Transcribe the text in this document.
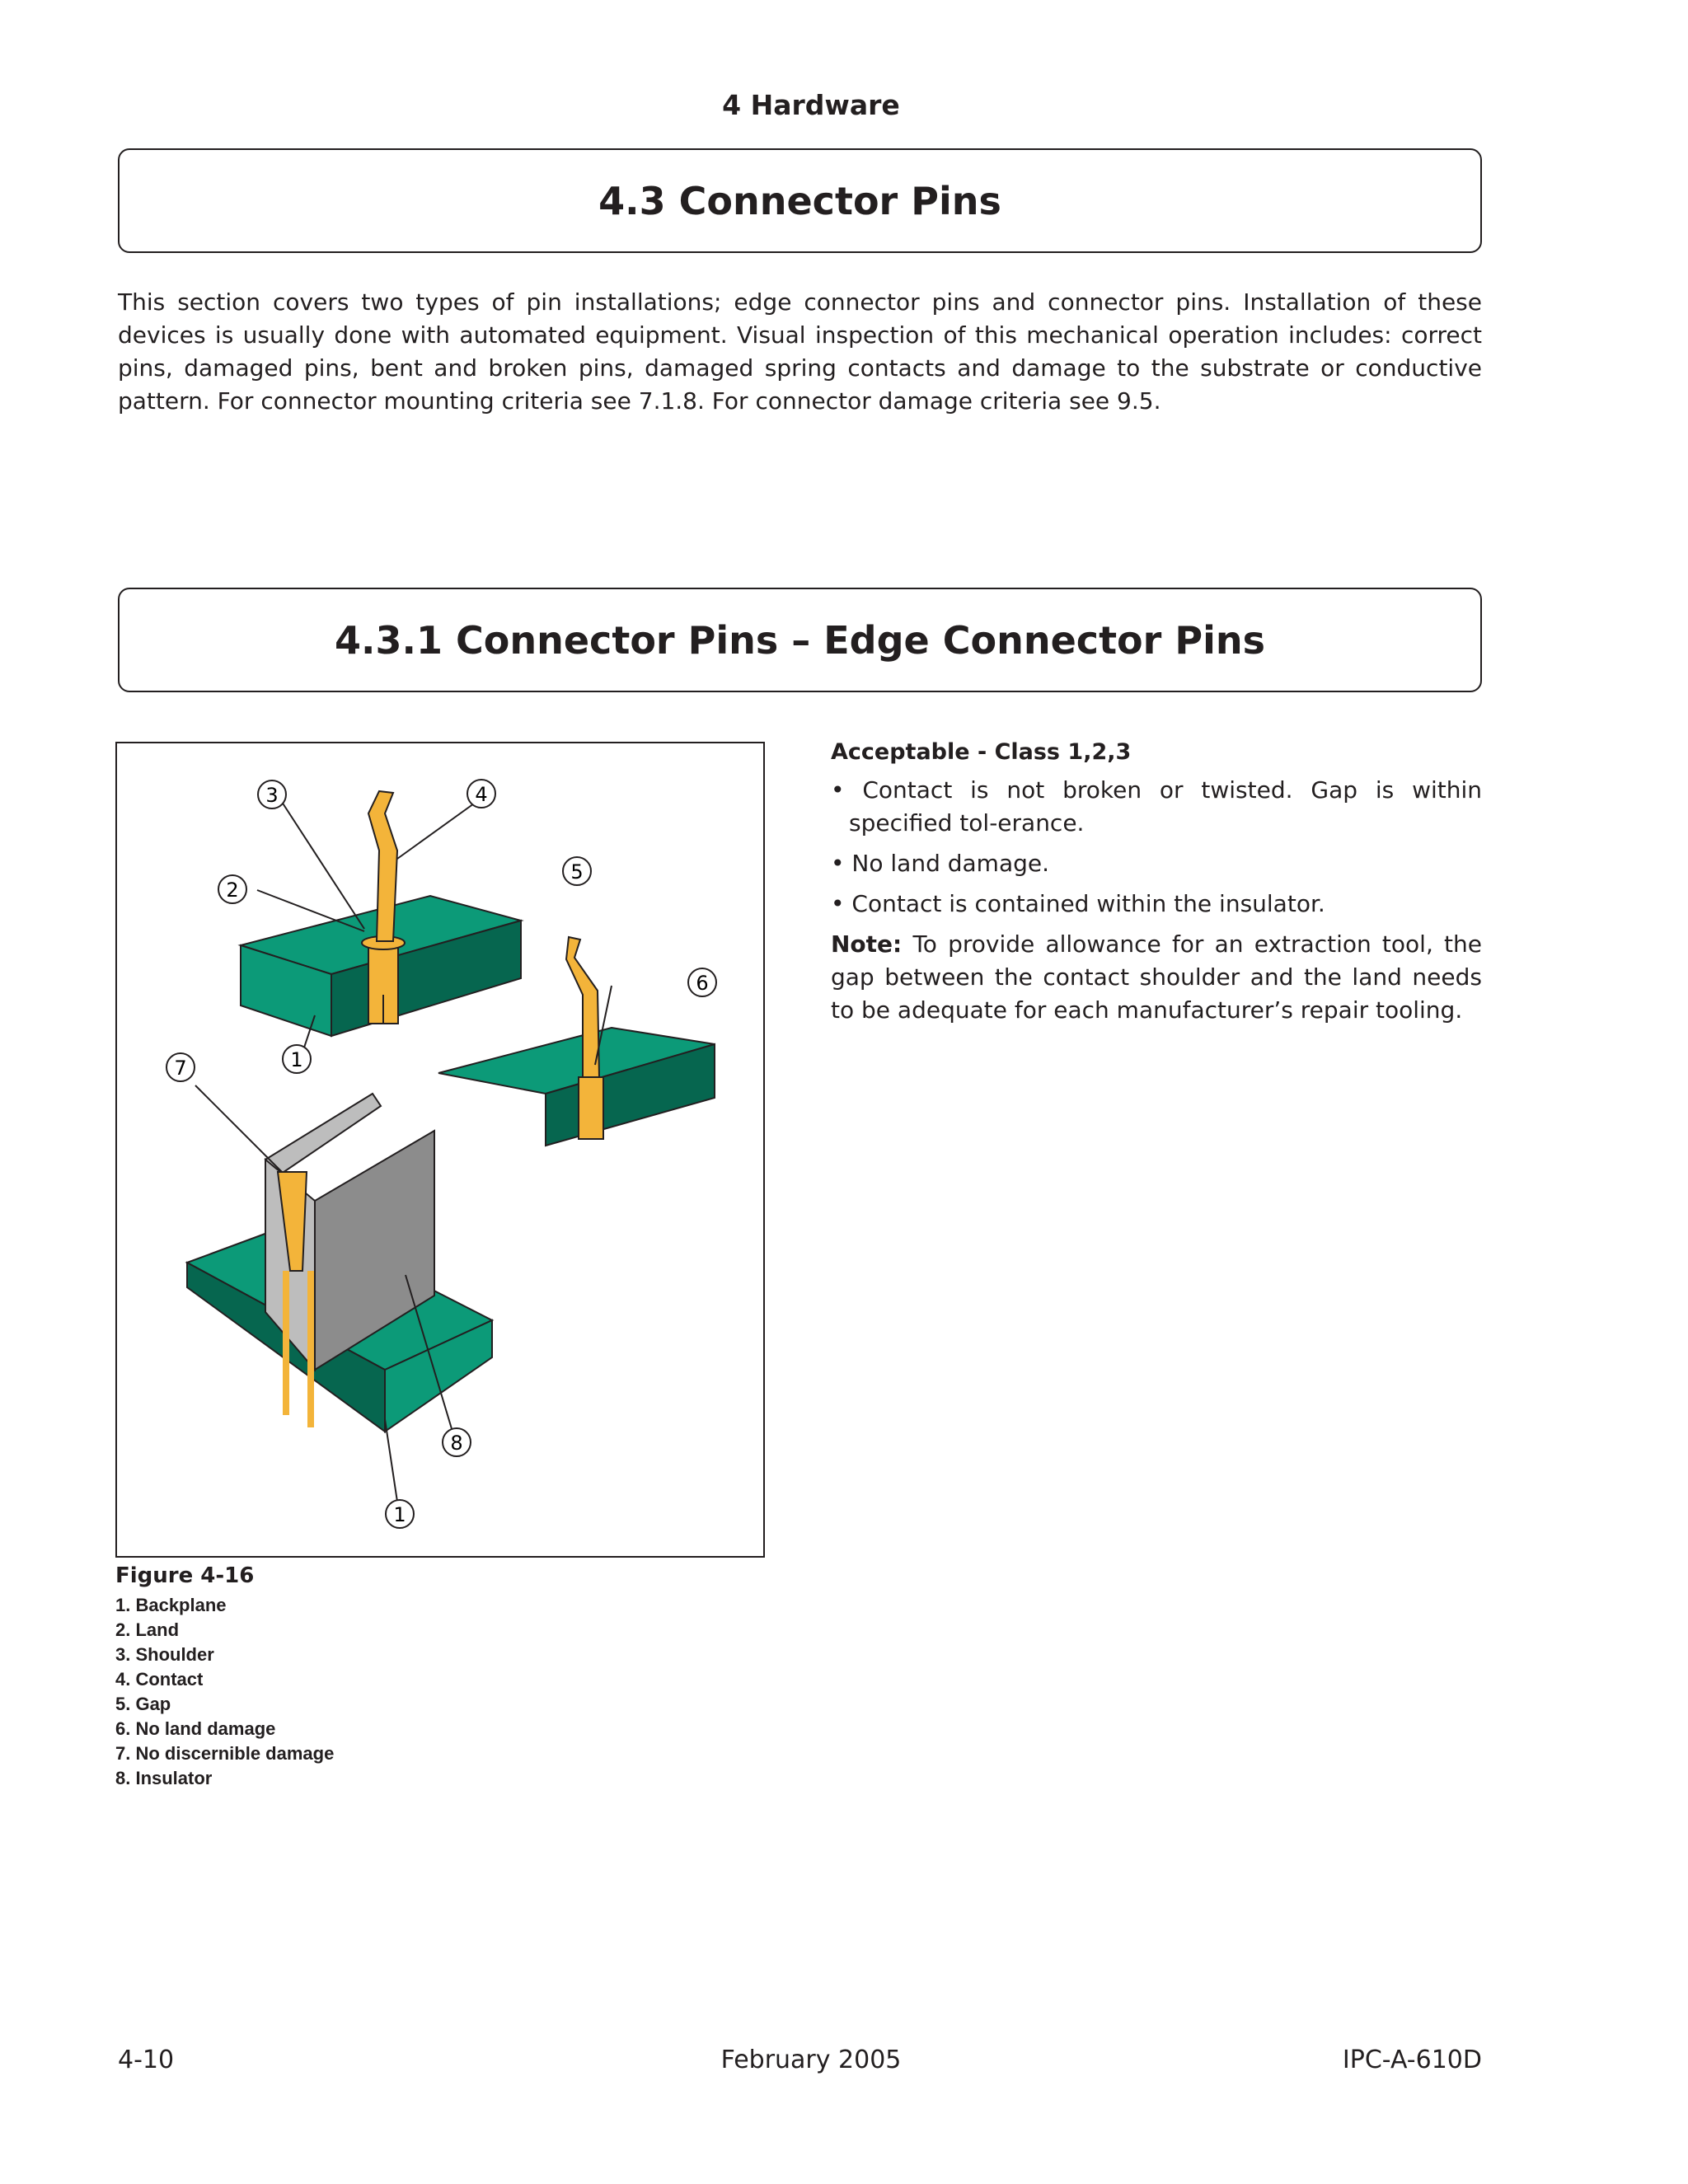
4 Hardware
4.3 Connector Pins
This section covers two types of pin installations; edge connector pins and connector pins. Installation of these devices is usually done with automated equipment. Visual inspection of this mechanical operation includes: correct pins, damaged pins, bent and broken pins, damaged spring contacts and damage to the substrate or conductive pattern. For connector mounting criteria see 7.1.8. For connector damage criteria see 9.5.
4.3.1 Connector Pins – Edge Connector Pins
1
2
3	4
5
6
7
8
1
Figure 4-16
1. Backplane
2. Land
3. Shoulder
4. Contact
5. Gap
6. No land damage
7. No discernible damage
8. Insulator
Acceptable - Class 1,2,3
• Contact is not broken or twisted. Gap is within specified tol-erance.
• No land damage.
• Contact is contained within the insulator.
Note: To provide allowance for an extraction tool, the gap between the contact shoulder and the land needs to be adequate for each manufacturer’s repair tooling.
4-10	February 2005	IPC-A-610D
